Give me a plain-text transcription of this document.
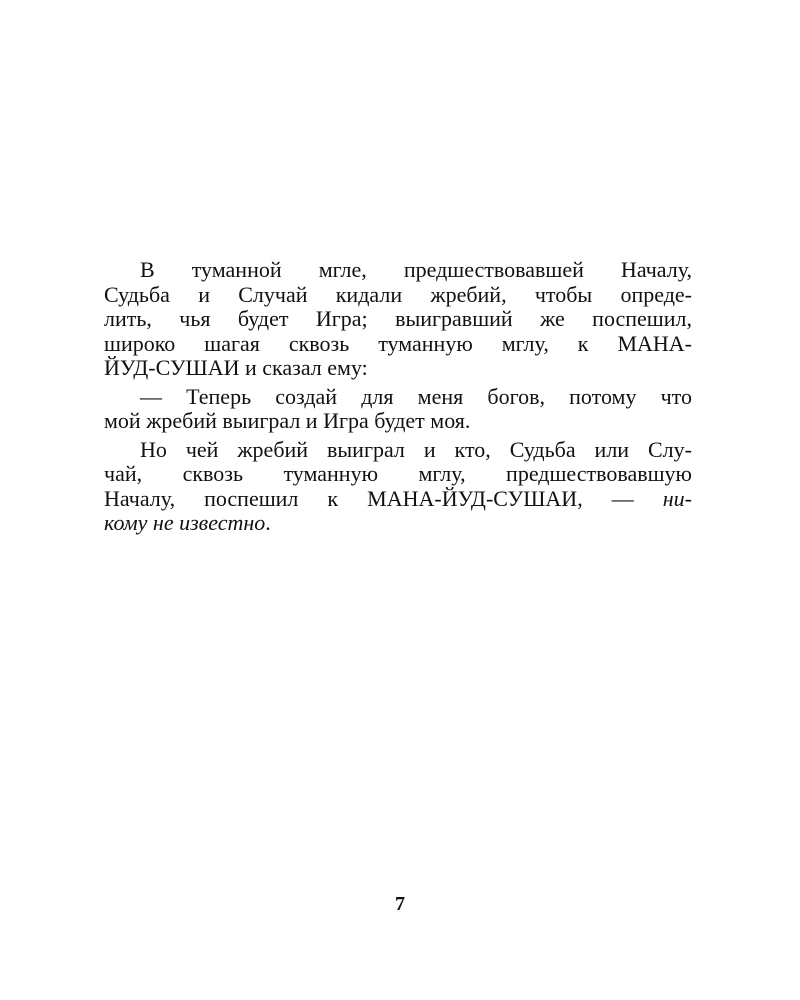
В туманной мгле, предшествовавшей Началу,
Судьба и Случай кидали жребий, чтобы опреде-
лить, чья будет Игра; выигравший же поспешил,
широко шагая сквозь туманную мглу, к МАНА-
ЙУД-СУШАИ и сказал ему:
— Теперь создай для меня богов, потому что
мой жребий выиграл и Игра будет моя.
Но чей жребий выиграл и кто, Судьба или Слу-
чай, сквозь туманную мглу, предшествовавшую
Началу, поспешил к МАНА-ЙУД-СУШАИ, — ни-
кому не известно.
7
